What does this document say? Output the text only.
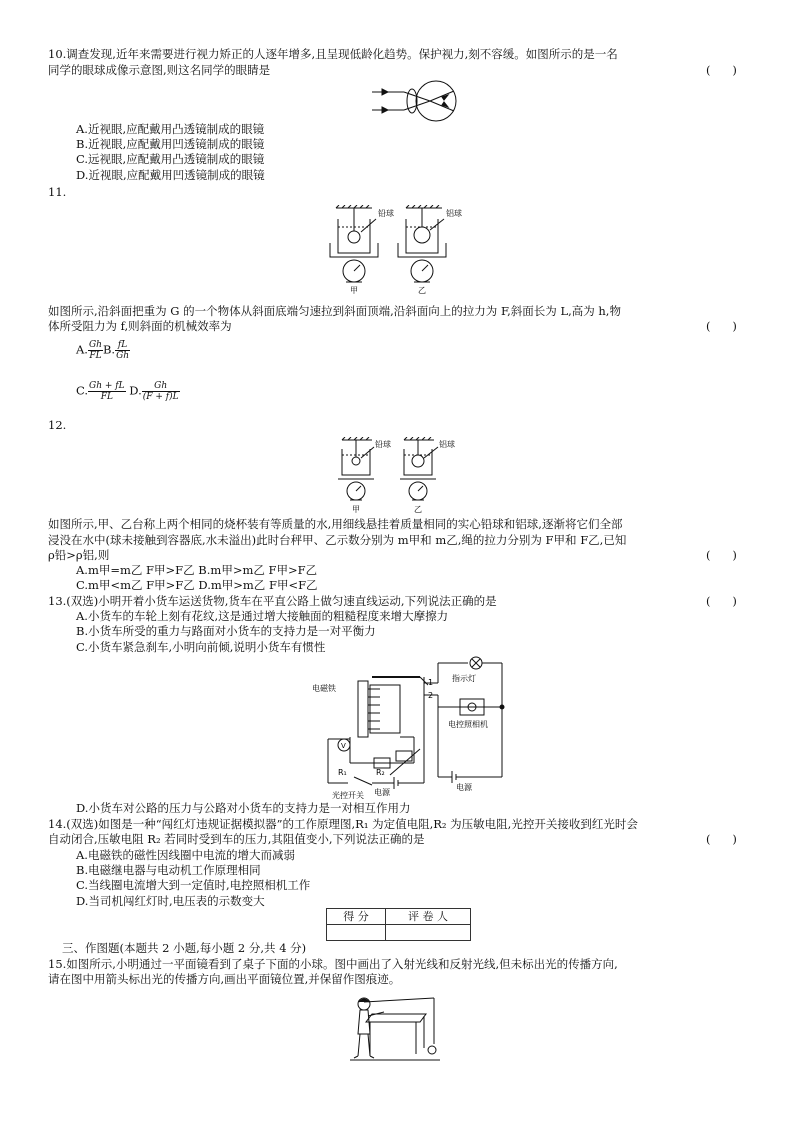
10.调查发现,近年来需要进行视力矫正的人逐年增多,且呈现低龄化趋势。保护视力,刻不容缓。如图所示的是一名
同学的眼球成像示意图,则这名同学的眼睛是	(      )
A.近视眼,应配戴用凸透镜制成的眼镜
B.近视眼,应配戴用凹透镜制成的眼镜
C.远视眼,应配戴用凸透镜制成的眼镜
D.近视眼,应配戴用凹透镜制成的眼镜
11.
铅球	铝球
甲	乙
如图所示,沿斜面把重为 G 的一个物体从斜面底端匀速拉到斜面顶端,沿斜面向上的拉力为 F,斜面长为 L,高为 h,物
体所受阻力为 f,则斜面的机械效率为	(      )
A. $\frac{Gh}{FL} B$. $\frac{fL}{Gh}$
C. $\frac{Gh + fL}{FL} D$. $\frac{Gh}{(F + f)L}$
12.
铅球	铝球
甲	乙
如图所示,甲、乙台称上两个相同的烧杯装有等质量的水,用细线悬挂着质量相同的实心铅球和铝球,逐渐将它们全部
浸没在水中(球未接触到容器底,水未溢出)此时台秤甲、乙示数分别为 m甲和 m乙,绳的拉力分别为 F甲和 F乙,已知
ρ铅>ρ铝,则	(      )
A.m甲=m乙 F甲>F乙 B.m甲>m乙 F甲>F乙
C.m甲<m乙 F甲>F乙 D.m甲>m乙 F甲<F乙
13.(双选)小明开着小货车运送货物,货车在平直公路上做匀速直线运动,下列说法正确的是	(      )
A.小货车的车轮上刻有花纹,这是通过增大接触面的粗糙程度来增大摩擦力
B.小货车所受的重力与路面对小货车的支持力是一对平衡力
C.小货车紧急刹车,小明向前倾,说明小货车有惯性
电磁铁
指示灯
电控照相机
电源
电源
光控开关
R₁	R₂
V
1
2
D.小货车对公路的压力与公路对小货车的支持力是一对相互作用力
14.(双选)如图是一种“闯红灯违规证据模拟器”的工作原理图,R₁ 为定值电阻,R₂ 为压敏电阻,光控开关接收到红光时会
自动闭合,压敏电阻 R₂ 若同时受到车的压力,其阻值变小,下列说法正确的是	(      )
A.电磁铁的磁性因线圈中电流的增大而减弱
B.电磁继电器与电动机工作原理相同
C.当线圈电流增大到一定值时,电控照相机工作
D.当司机闯红灯时,电压表的示数变大
得 分	评 卷 人

三、作图题(本题共 2 小题,每小题 2 分,共 4 分)
15.如图所示,小明通过一平面镜看到了桌子下面的小球。图中画出了入射光线和反射光线,但未标出光的传播方向,
请在图中用箭头标出光的传播方向,画出平面镜位置,并保留作图痕迹。
